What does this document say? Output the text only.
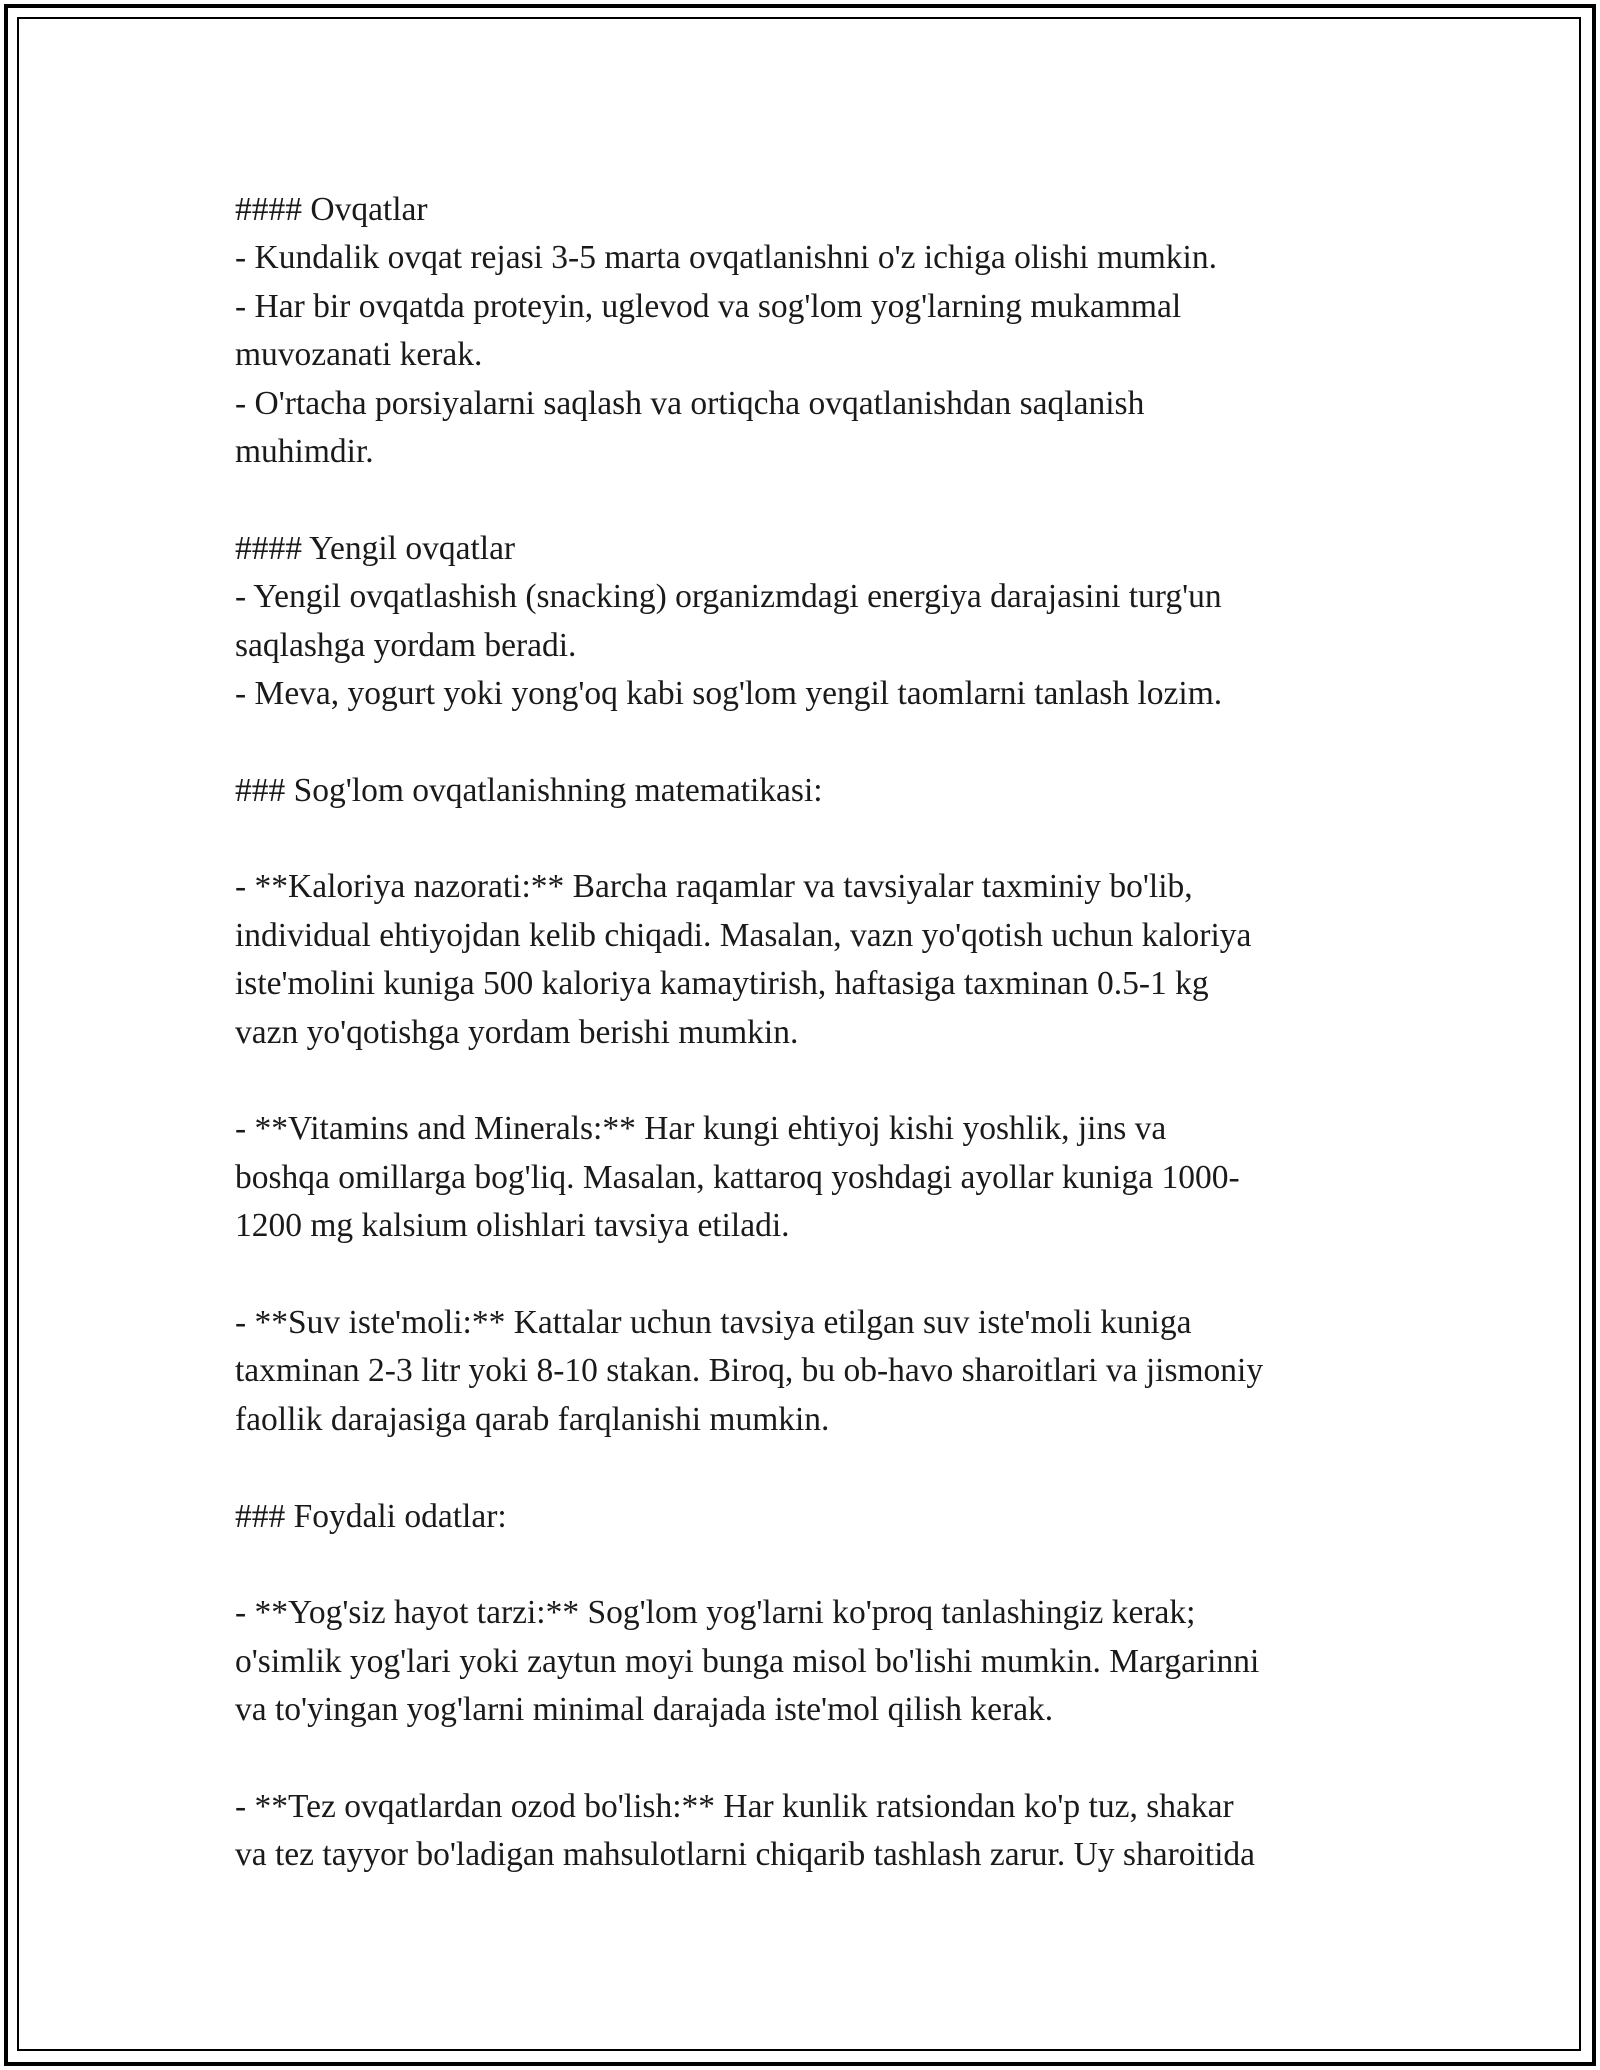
#### Ovqatlar
- Kundalik ovqat rejasi 3-5 marta ovqatlanishni o'z ichiga olishi mumkin.
- Har bir ovqatda proteyin, uglevod va sog'lom yog'larning mukammal
muvozanati kerak.
- O'rtacha porsiyalarni saqlash va ortiqcha ovqatlanishdan saqlanish
muhimdir.
#### Yengil ovqatlar
- Yengil ovqatlashish (snacking) organizmdagi energiya darajasini turg'un
saqlashga yordam beradi.
- Meva, yogurt yoki yong'oq kabi sog'lom yengil taomlarni tanlash lozim.
### Sog'lom ovqatlanishning matematikasi:
- **Kaloriya nazorati:** Barcha raqamlar va tavsiyalar taxminiy bo'lib,
individual ehtiyojdan kelib chiqadi. Masalan, vazn yo'qotish uchun kaloriya
iste'molini kuniga 500 kaloriya kamaytirish, haftasiga taxminan 0.5-1 kg
vazn yo'qotishga yordam berishi mumkin.
- **Vitamins and Minerals:** Har kungi ehtiyoj kishi yoshlik, jins va
boshqa omillarga bog'liq. Masalan, kattaroq yoshdagi ayollar kuniga 1000-
1200 mg kalsium olishlari tavsiya etiladi.
- **Suv iste'moli:** Kattalar uchun tavsiya etilgan suv iste'moli kuniga
taxminan 2-3 litr yoki 8-10 stakan. Biroq, bu ob-havo sharoitlari va jismoniy
faollik darajasiga qarab farqlanishi mumkin.
### Foydali odatlar:
- **Yog'siz hayot tarzi:** Sog'lom yog'larni ko'proq tanlashingiz kerak;
o'simlik yog'lari yoki zaytun moyi bunga misol bo'lishi mumkin. Margarinni
va to'yingan yog'larni minimal darajada iste'mol qilish kerak.
- **Tez ovqatlardan ozod bo'lish:** Har kunlik ratsiondan ko'p tuz, shakar
va tez tayyor bo'ladigan mahsulotlarni chiqarib tashlash zarur. Uy sharoitida
